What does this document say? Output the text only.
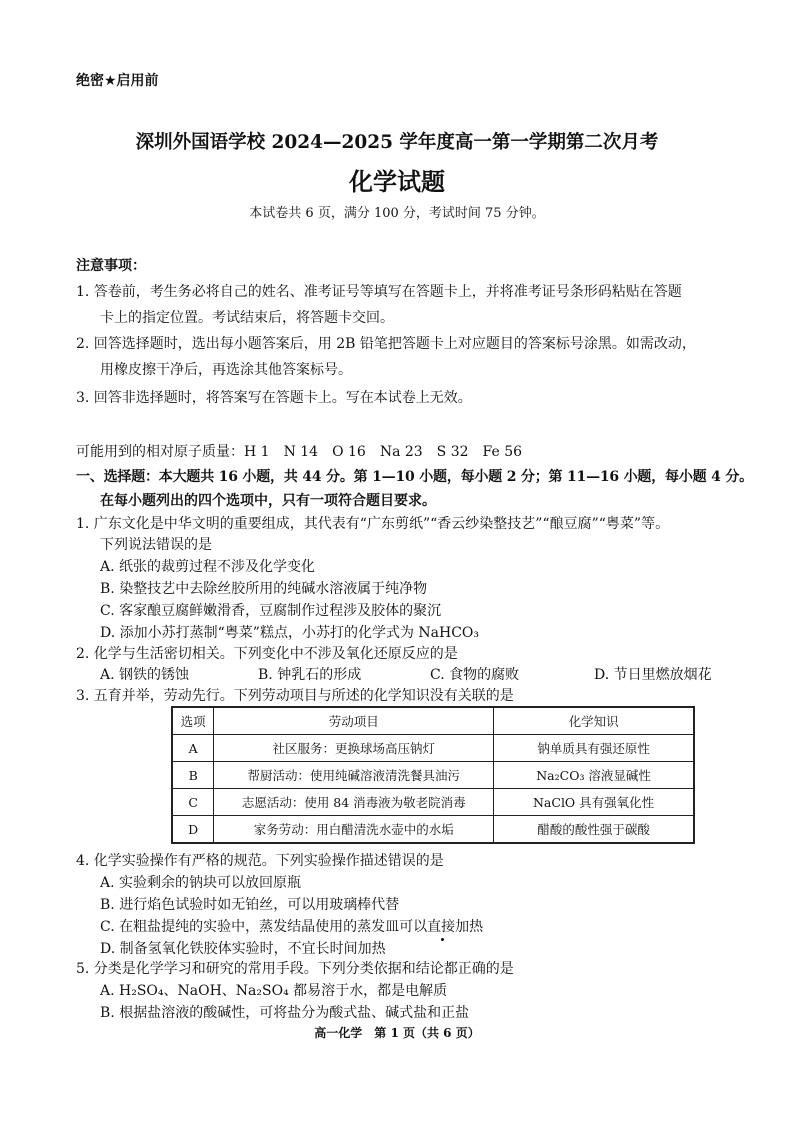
绝密★启用前
深圳外国语学校 2024—2025 学年度高一第一学期第二次月考
化学试题
本试卷共 6 页，满分 100 分，考试时间 75 分钟。
注意事项：
1. 答卷前，考生务必将自己的姓名、准考证号等填写在答题卡上，并将准考证号条形码粘贴在答题
卡上的指定位置。考试结束后，将答题卡交回。
2. 回答选择题时，选出每小题答案后，用 2B 铅笔把答题卡上对应题目的答案标号涂黑。如需改动，
用橡皮擦干净后，再选涂其他答案标号。
3. 回答非选择题时，将答案写在答题卡上。写在本试卷上无效。
可能用到的相对原子质量：H 1　N 14　O 16　Na 23　S 32　Fe 56
一、选择题：本大题共 16 小题，共 44 分。第 1—10 小题，每小题 2 分；第 11—16 小题，每小题 4 分。
在每小题列出的四个选项中，只有一项符合题目要求。
1. 广东文化是中华文明的重要组成，其代表有“广东剪纸”“香云纱染整技艺”“酿豆腐”“粤菜”等。
下列说法错误的是
A. 纸张的裁剪过程不涉及化学变化
B. 染整技艺中去除丝胶所用的纯碱水溶液属于纯净物
C. 客家酿豆腐鲜嫩滑香，豆腐制作过程涉及胶体的聚沉
D. 添加小苏打蒸制“粤菜”糕点，小苏打的化学式为 NaHCO₃
2. 化学与生活密切相关。下列变化中不涉及氧化还原反应的是
A. 钢铁的锈蚀	B. 钟乳石的形成	C. 食物的腐败	D. 节日里燃放烟花
3. 五育并举，劳动先行。下列劳动项目与所述的化学知识没有关联的是
选项	劳动项目	化学知识
A	社区服务：更换球场高压钠灯	钠单质具有强还原性
B	帮厨活动：使用纯碱溶液清洗餐具油污	Na₂CO₃ 溶液显碱性
C	志愿活动：使用 84 消毒液为敬老院消毒	NaClO 具有强氧化性
D	家务劳动：用白醋清洗水壶中的水垢	醋酸的酸性强于碳酸
4. 化学实验操作有严格的规范。下列实验操作描述错误的是
A. 实验剩余的钠块可以放回原瓶
B. 进行焰色试验时如无铂丝，可以用玻璃棒代替
C. 在粗盐提纯的实验中，蒸发结晶使用的蒸发皿可以直接加热
D. 制备氢氧化铁胶体实验时，不宜长时间加热
5. 分类是化学学习和研究的常用手段。下列分类依据和结论都正确的是
A. H₂SO₄、NaOH、Na₂SO₄ 都易溶于水，都是电解质
B. 根据盐溶液的酸碱性，可将盐分为酸式盐、碱式盐和正盐
高一化学　第 1 页（共 6 页）
